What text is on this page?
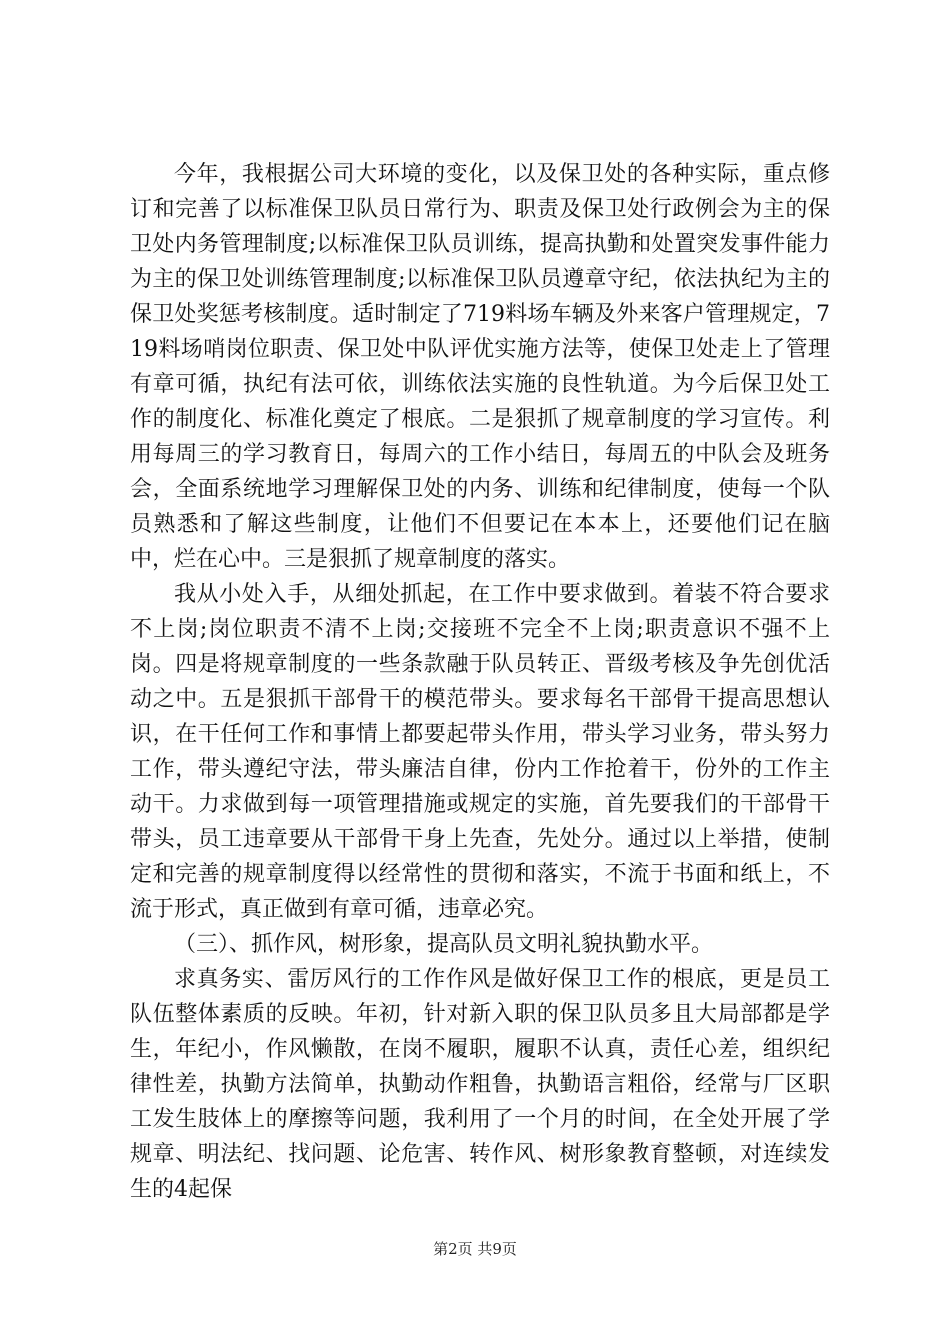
今年，我根据公司大环境的变化，以及保卫处的各种实际，重点修订和完善了以标准保卫队员日常行为、职责及保卫处行政例会为主的保卫处内务管理制度;以标准保卫队员训练，提高执勤和处置突发事件能力为主的保卫处训练管理制度;以标准保卫队员遵章守纪，依法执纪为主的保卫处奖惩考核制度。适时制定了719料场车辆及外来客户管理规定，719料场哨岗位职责、保卫处中队评优实施方法等，使保卫处走上了管理有章可循，执纪有法可依，训练依法实施的良性轨道。为今后保卫处工作的制度化、标准化奠定了根底。二是狠抓了规章制度的学习宣传。利用每周三的学习教育日，每周六的工作小结日，每周五的中队会及班务会，全面系统地学习理解保卫处的内务、训练和纪律制度，使每一个队员熟悉和了解这些制度，让他们不但要记在本本上，还要他们记在脑中，烂在心中。三是狠抓了规章制度的落实。

我从小处入手，从细处抓起，在工作中要求做到。着装不符合要求不上岗;岗位职责不清不上岗;交接班不完全不上岗;职责意识不强不上岗。四是将规章制度的一些条款融于队员转正、晋级考核及争先创优活动之中。五是狠抓干部骨干的模范带头。要求每名干部骨干提高思想认识，在干任何工作和事情上都要起带头作用，带头学习业务，带头努力工作，带头遵纪守法，带头廉洁自律，份内工作抢着干，份外的工作主动干。力求做到每一项管理措施或规定的实施，首先要我们的干部骨干带头，员工违章要从干部骨干身上先查，先处分。通过以上举措，使制定和完善的规章制度得以经常性的贯彻和落实，不流于书面和纸上，不流于形式，真正做到有章可循，违章必究。

（三）、抓作风，树形象，提高队员文明礼貌执勤水平。

求真务实、雷厉风行的工作作风是做好保卫工作的根底，更是员工队伍整体素质的反映。年初，针对新入职的保卫队员多且大局部都是学生，年纪小，作风懒散，在岗不履职，履职不认真，责任心差，组织纪律性差，执勤方法简单，执勤动作粗鲁，执勤语言粗俗，经常与厂区职工发生肢体上的摩擦等问题，我利用了一个月的时间，在全处开展了学规章、明法纪、找问题、论危害、转作风、树形象教育整顿，对连续发生的4起保

第2页 共9页
